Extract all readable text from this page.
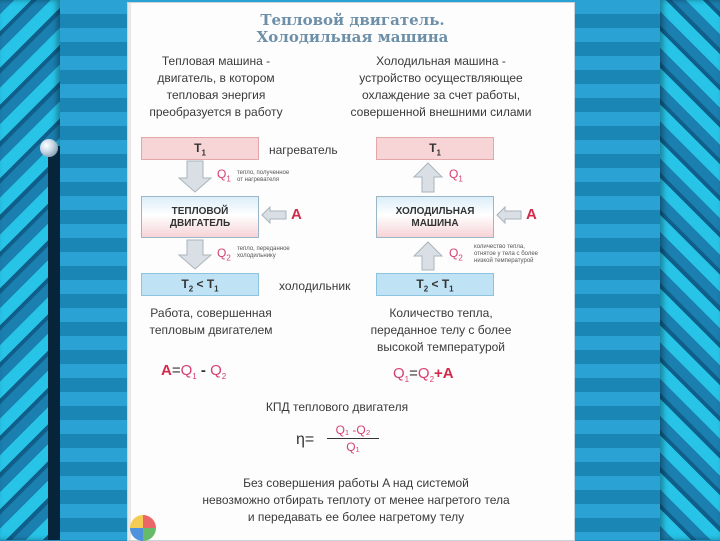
Тепловой двигатель.
Холодильная машина
Тепловая машина -
двигатель, в котором
тепловая энергия
преобразуется в работу
Холодильная машина -
устройство осуществляющее
охлаждение за счет работы,
совершенной внешними силами
$T_1$	нагреватель	$T_1$
ТЕПЛОВОЙ
ДВИГАТЕЛЬ
A
$Q_1$
тепло, полученное
от нагревателя
$Q_2$
тепло, переданное
холодильнику
ХОЛОДИЛЬНАЯ
МАШИНА
A
$Q_1$
$Q_2$
количество тепла,
отнятое у тела с более
низкой температурой
$T_2 < T_1$	холодильник	$T_2 < T_1$
Работа, совершенная
тепловым двигателем
Количество тепла,
переданное телу с более
высокой температурой
$A=Q_1 - Q_2$	$Q_1=Q_2+A$
КПД теплового двигателя
$\eta= \frac{\text{Q₁ -Q₂}}{\text{Q₁}}$
Без совершения работы A над системой
невозможно отбирать теплоту от менее нагретого тела
и передавать ее более нагретому телу
